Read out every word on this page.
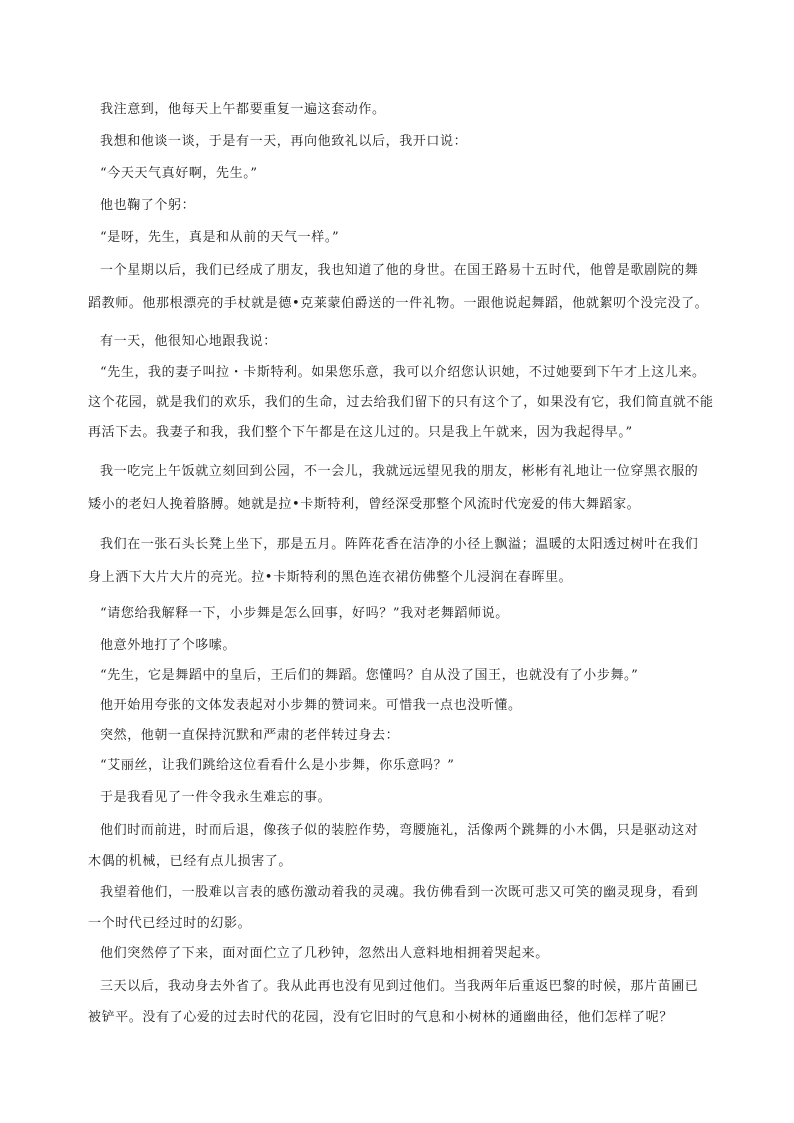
我注意到，他每天上午都要重复一遍这套动作。

我想和他谈一谈，于是有一天，再向他致礼以后，我开口说：

“今天天气真好啊，先生。”

他也鞠了个躬：

“是呀，先生，真是和从前的天气一样。”

一个星期以后，我们已经成了朋友，我也知道了他的身世。在国王路易十五时代，他曾是歌剧院的舞
蹈教师。他那根漂亮的手杖就是德•克莱蒙伯爵送的一件礼物。一跟他说起舞蹈，他就絮叨个没完没了。

有一天，他很知心地跟我说：

“先生，我的妻子叫拉・卡斯特利。如果您乐意，我可以介绍您认识她，不过她要到下午才上这儿来。
这个花园，就是我们的欢乐，我们的生命，过去给我们留下的只有这个了，如果没有它，我们简直就不能
再活下去。我妻子和我，我们整个下午都是在这儿过的。只是我上午就来，因为我起得早。”

我一吃完上午饭就立刻回到公园，不一会儿，我就远远望见我的朋友，彬彬有礼地让一位穿黑衣服的
矮小的老妇人挽着胳膊。她就是拉•卡斯特利，曾经深受那整个风流时代宠爱的伟大舞蹈家。

我们在一张石头长凳上坐下，那是五月。阵阵花香在洁净的小径上飘溢；温暖的太阳透过树叶在我们
身上洒下大片大片的亮光。拉•卡斯特利的黑色连衣裙仿佛整个儿浸润在春晖里。

“请您给我解释一下，小步舞是怎么回事，好吗？”我对老舞蹈师说。

他意外地打了个哆嗦。

“先生，它是舞蹈中的皇后，王后们的舞蹈。您懂吗？自从没了国王，也就没有了小步舞。”

他开始用夸张的文体发表起对小步舞的赞词来。可惜我一点也没听懂。

突然，他朝一直保持沉默和严肃的老伴转过身去：

“艾丽丝，让我们跳给这位看看什么是小步舞，你乐意吗？”

于是我看见了一件令我永生难忘的事。

他们时而前进，时而后退，像孩子似的装腔作势，弯腰施礼，活像两个跳舞的小木偶，只是驱动这对
木偶的机械，已经有点儿损害了。

我望着他们，一股难以言表的感伤激动着我的灵魂。我仿佛看到一次既可悲又可笑的幽灵现身，看到
一个时代已经过时的幻影。

他们突然停了下来，面对面伫立了几秒钟，忽然出人意料地相拥着哭起来。

三天以后，我动身去外省了。我从此再也没有见到过他们。当我两年后重返巴黎的时候，那片苗圃已
被铲平。没有了心爱的过去时代的花园，没有它旧时的气息和小树林的通幽曲径，他们怎样了呢？
